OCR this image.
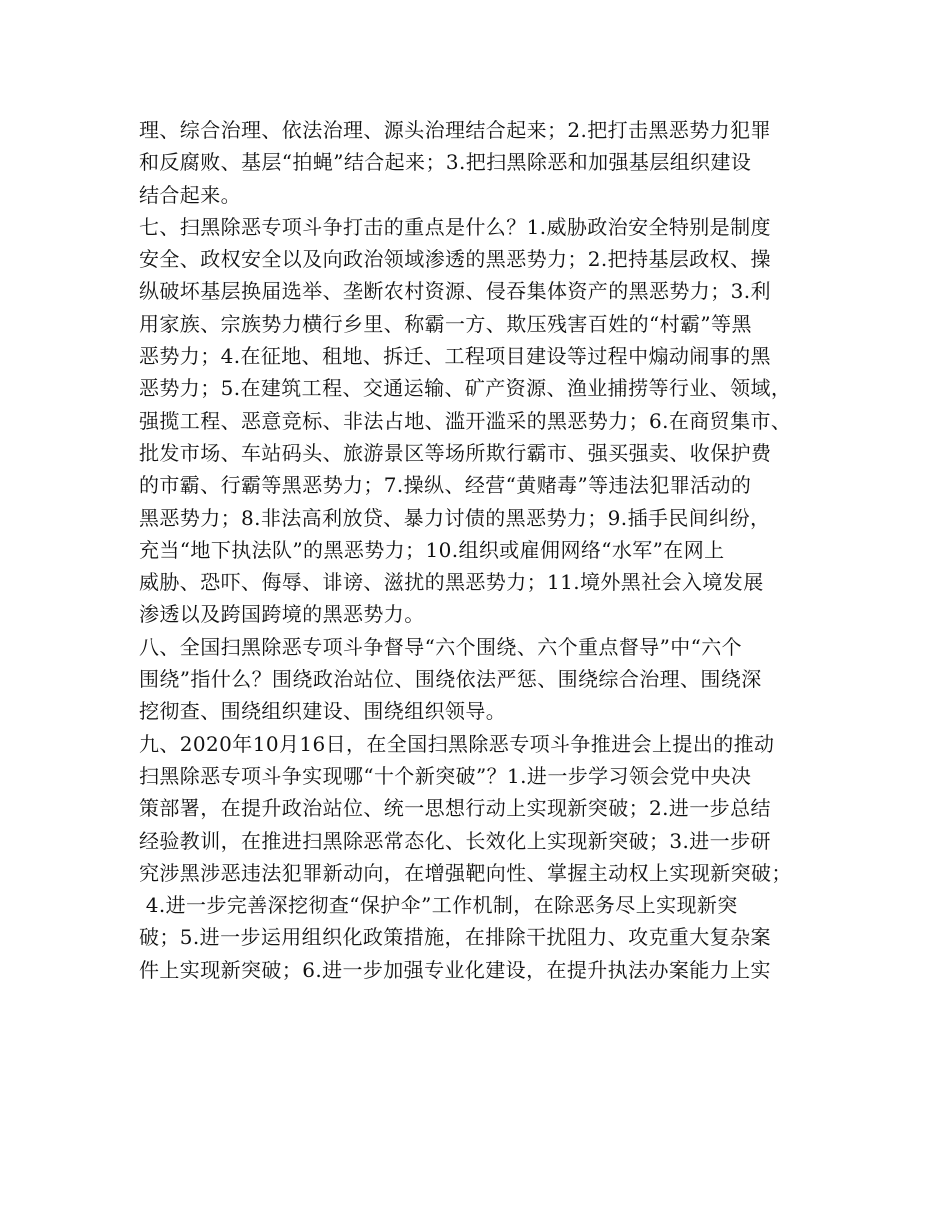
理、综合治理、依法治理、源头治理结合起来；2.把打击黑恶势力犯罪
和反腐败、基层“拍蝇”结合起来；3.把扫黑除恶和加强基层组织建设
结合起来。
七、扫黑除恶专项斗争打击的重点是什么？1.威胁政治安全特别是制度
安全、政权安全以及向政治领域渗透的黑恶势力；2.把持基层政权、操
纵破坏基层换届选举、垄断农村资源、侵吞集体资产的黑恶势力；3.利
用家族、宗族势力横行乡里、称霸一方、欺压残害百姓的“村霸”等黑
恶势力；4.在征地、租地、拆迁、工程项目建设等过程中煽动闹事的黑
恶势力；5.在建筑工程、交通运输、矿产资源、渔业捕捞等行业、领域，
强揽工程、恶意竞标、非法占地、滥开滥采的黑恶势力；6.在商贸集市、
批发市场、车站码头、旅游景区等场所欺行霸市、强买强卖、收保护费
的市霸、行霸等黑恶势力；7.操纵、经营“黄赌毒”等违法犯罪活动的
黑恶势力；8.非法高利放贷、暴力讨债的黑恶势力；9.插手民间纠纷，
充当“地下执法队”的黑恶势力；10.组织或雇佣网络“水军”在网上
威胁、恐吓、侮辱、诽谤、滋扰的黑恶势力；11.境外黑社会入境发展
渗透以及跨国跨境的黑恶势力。
八、全国扫黑除恶专项斗争督导“六个围绕、六个重点督导”中“六个
围绕”指什么？围绕政治站位、围绕依法严惩、围绕综合治理、围绕深
挖彻查、围绕组织建设、围绕组织领导。
九、2020年10月16日，在全国扫黑除恶专项斗争推进会上提出的推动
扫黑除恶专项斗争实现哪“十个新突破”？1.进一步学习领会党中央决
策部署，在提升政治站位、统一思想行动上实现新突破；2.进一步总结
经验教训，在推进扫黑除恶常态化、长效化上实现新突破；3.进一步研
究涉黑涉恶违法犯罪新动向，在增强靶向性、掌握主动权上实现新突破；
4.进一步完善深挖彻查“保护伞”工作机制，在除恶务尽上实现新突
破；5.进一步运用组织化政策措施，在排除干扰阻力、攻克重大复杂案
件上实现新突破；6.进一步加强专业化建设，在提升执法办案能力上实
